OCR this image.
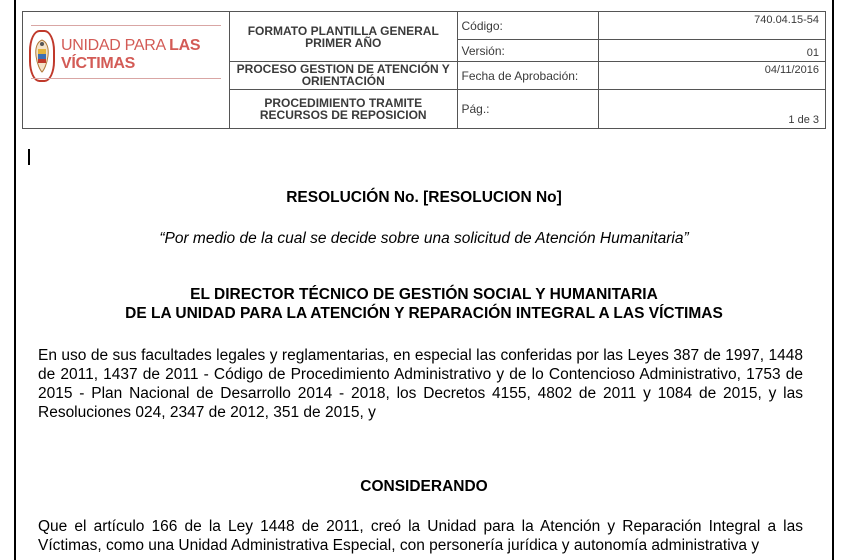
UNIDAD PARA LAS VÍCTIMAS	FORMATO PLANTILLA GENERAL PRIMER AÑO	Código:	740.04.15-54
		Versión:	01
	PROCESO GESTION DE ATENCIÓN Y ORIENTACIÓN	Fecha de Aprobación:	04/11/2016
	PROCEDIMIENTO TRAMITE RECURSOS DE REPOSICION	Pág.:	1 de 3
RESOLUCIÓN No. [RESOLUCION No]
“Por medio de la cual se decide sobre una solicitud de Atención Humanitaria”
EL DIRECTOR TÉCNICO DE GESTIÓN SOCIAL Y HUMANITARIA
DE LA UNIDAD PARA LA ATENCIÓN Y REPARACIÓN INTEGRAL A LAS VÍCTIMAS
En uso de sus facultades legales y reglamentarias, en especial las conferidas por las Leyes 387 de 1997, 1448 de 2011, 1437 de 2011 - Código de Procedimiento Administrativo y de lo Contencioso Administrativo, 1753 de 2015 - Plan Nacional de Desarrollo 2014 - 2018, los Decretos 4155, 4802 de 2011 y 1084 de 2015, y las Resoluciones 024, 2347 de 2012, 351 de 2015, y
CONSIDERANDO
Que el artículo 166 de la Ley 1448 de 2011, creó la Unidad para la Atención y Reparación Integral a las Víctimas, como una Unidad Administrativa Especial, con personería jurídica y autonomía administrativa y
